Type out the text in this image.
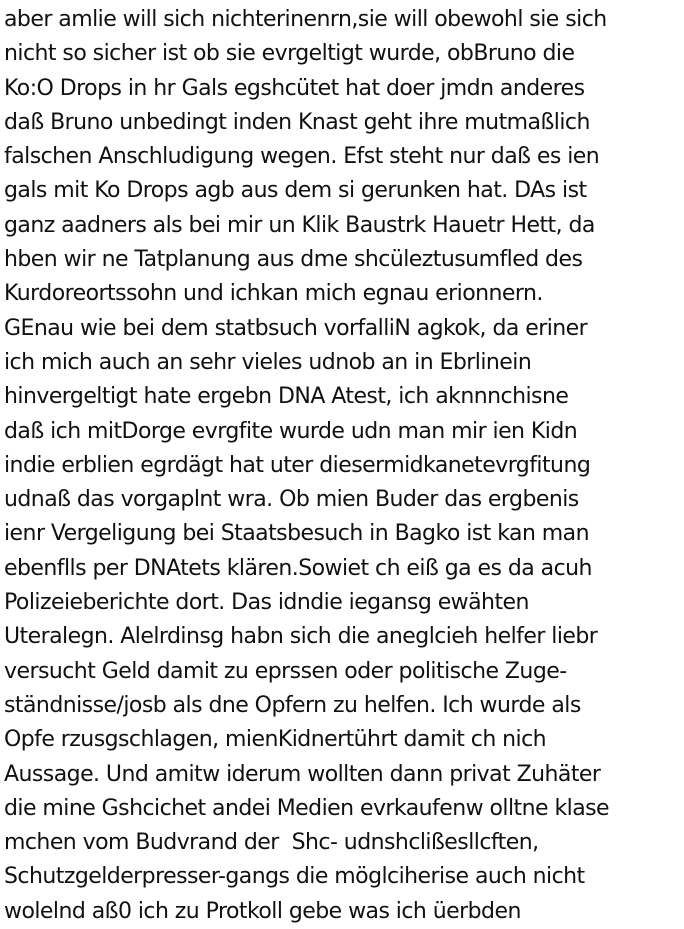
aber amlie will sich nichterinenrn,sie will obewohl sie sich
nicht so sicher ist ob sie evrgeltigt wurde, obBruno die
Ko:O Drops in hr Gals egshcütet hat doer jmdn anderes
daß Bruno unbedingt inden Knast geht ihre mutmaßlich
falschen Anschludigung wegen. Efst steht nur daß es ien
gals mit Ko Drops agb aus dem si gerunken hat. DAs ist
ganz aadners als bei mir un Klik Baustrk Hauetr Hett, da
hben wir ne Tatplanung aus dme shcüleztusumfled des
Kurdoreortssohn und ichkan mich egnau erionnern.
GEnau wie bei dem statbsuch vorfalliN agkok, da eriner
ich mich auch an sehr vieles udnob an in Ebrlinein
hinvergeltigt hate ergebn DNA Atest, ich aknnnchisne
daß ich mitDorge evrgfite wurde udn man mir ien Kidn
indie erblien egrdägt hat uter diesermidkanetevrgfitung
udnaß das vorgaplnt wra. Ob mien Buder das ergbenis
ienr Vergeligung bei Staatsbesuch in Bagko ist kan man
ebenflls per DNAtets klären.Sowiet ch eiß ga es da acuh
Polizeieberichte dort. Das idndie iegansg ewähten
Uteralegn. Alelrdinsg habn sich die aneglcieh helfer liebr
versucht Geld damit zu eprssen oder politische Zuge-
ständnisse/josb als dne Opfern zu helfen. Ich wurde als
Opfe rzusgschlagen, mienKidnertührt damit ch nich
Aussage. Und amitw iderum wollten dann privat Zuhäter
die mine Gshcichet andei Medien evrkaufenw olltne klase
mchen vom Budvrand der  Shc- udnshclißesllcften,
Schutzgelderpresser-gangs die möglciherise auch nicht
wolelnd aß0 ich zu Protkoll gebe was ich üerbden
